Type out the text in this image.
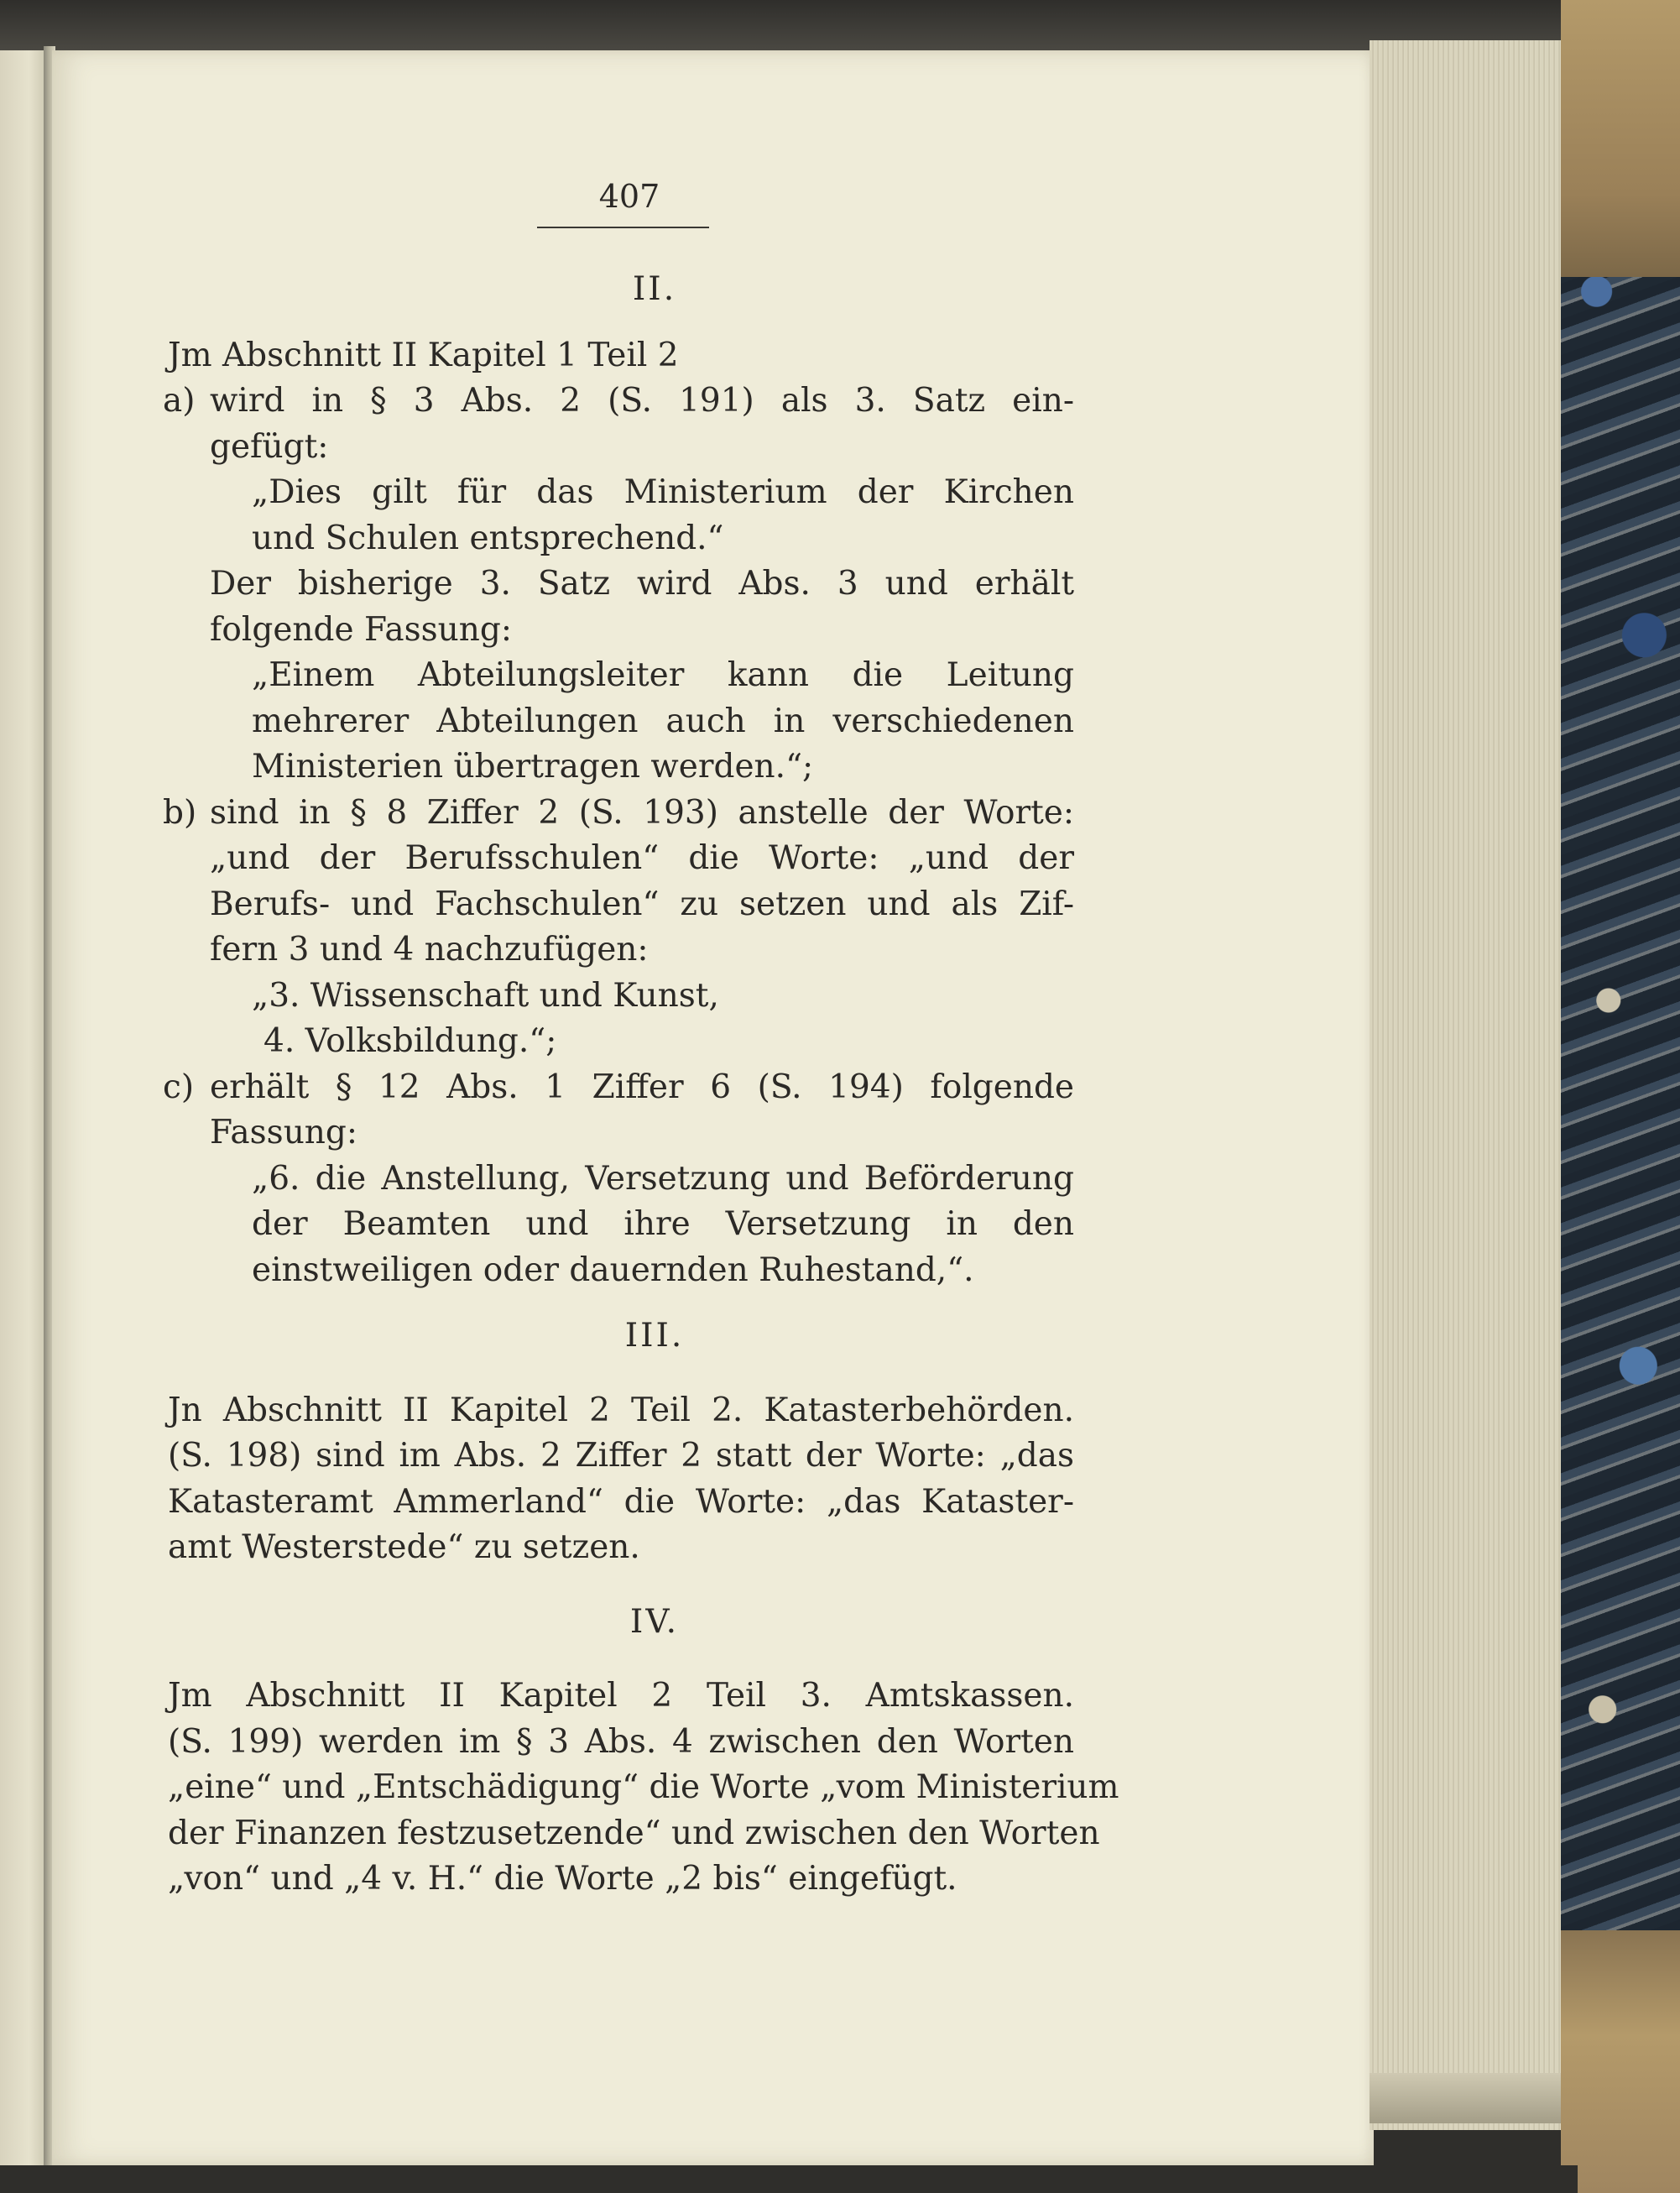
407
II.
Jm Abschnitt II Kapitel 1 Teil 2
a) wird in § 3 Abs. 2 (S. 191) als 3. Satz ein-
gefügt:
„Dies gilt für das Ministerium der Kirchen
und Schulen entsprechend.“
Der bisherige 3. Satz wird Abs. 3 und erhält
folgende Fassung:
„Einem Abteilungsleiter kann die Leitung
mehrerer Abteilungen auch in verschiedenen
Ministerien übertragen werden.“;
b) sind in § 8 Ziffer 2 (S. 193) anstelle der Worte:
„und der Berufsschulen“ die Worte: „und der
Berufs- und Fachschulen“ zu setzen und als Zif-
fern 3 und 4 nachzufügen:
„3. Wissenschaft und Kunst,
4. Volksbildung.“;
c) erhält § 12 Abs. 1 Ziffer 6 (S. 194) folgende
Fassung:
„6. die Anstellung, Versetzung und Beförderung
der Beamten und ihre Versetzung in den
einstweiligen oder dauernden Ruhestand,“.
III.
Jn Abschnitt II Kapitel 2 Teil 2. Katasterbehörden.
(S. 198) sind im Abs. 2 Ziffer 2 statt der Worte: „das
Katasteramt Ammerland“ die Worte: „das Kataster-
amt Westerstede“ zu setzen.
IV.
Jm Abschnitt II Kapitel 2 Teil 3. Amtskassen.
(S. 199) werden im § 3 Abs. 4 zwischen den Worten
„eine“ und „Entschädigung“ die Worte „vom Ministerium
der Finanzen festzusetzende“ und zwischen den Worten
„von“ und „4 v. H.“ die Worte „2 bis“ eingefügt.
